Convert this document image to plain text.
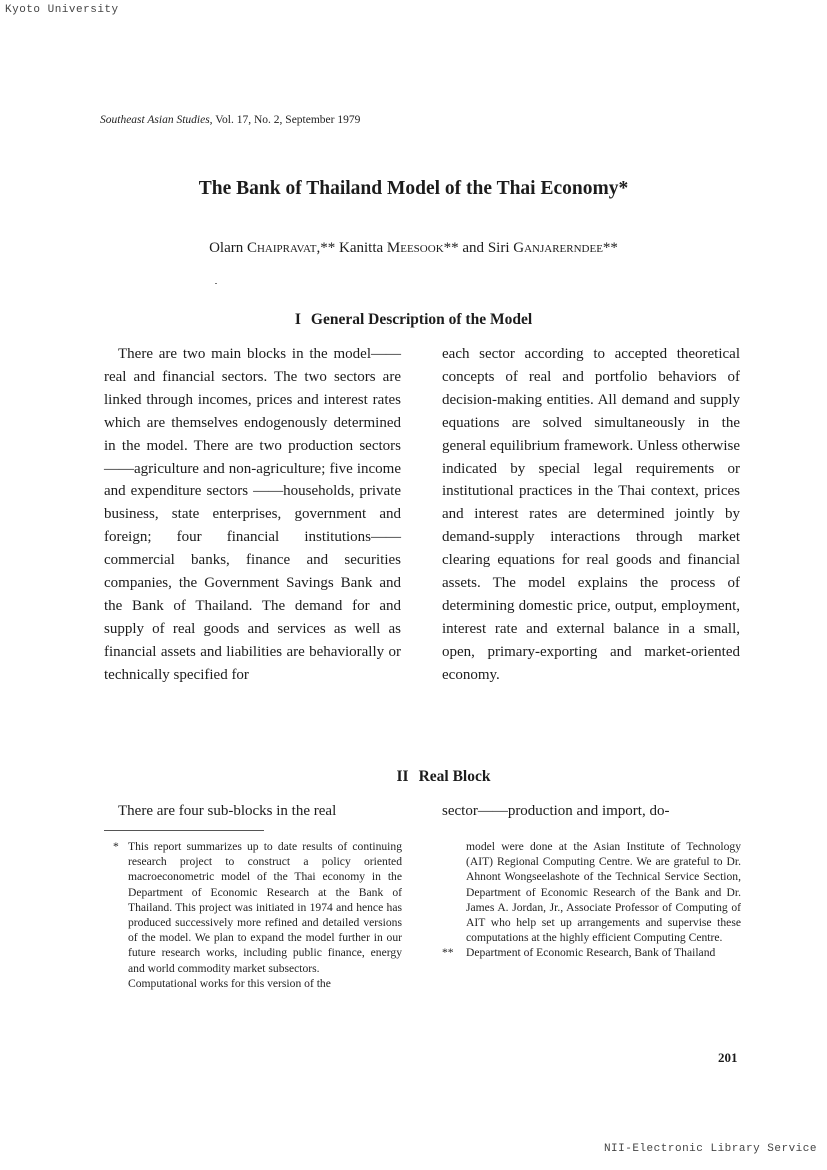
Kyoto University
Southeast Asian Studies, Vol. 17, No. 2, September 1979
The Bank of Thailand Model of the Thai Economy*
Olarn Chaipravat,** Kanitta Meesook** and Siri Ganjarerndee**
I General Description of the Model

There are two main blocks in the model——real and financial sectors. The two sectors are linked through incomes, prices and interest rates which are themselves endogenously determined in the model. There are two production sectors——agriculture and non-agriculture; five income and expenditure sectors ——households, private business, state enterprises, government and foreign; four financial institutions——commercial banks, finance and securities companies, the Government Savings Bank and the Bank of Thailand. The demand for and supply of real goods and services as well as financial assets and liabilities are behaviorally or technically specified for

each sector according to accepted theoretical concepts of real and portfolio behaviors of decision-making entities. All demand and supply equations are solved simultaneously in the general equilibrium framework. Unless otherwise indicated by special legal requirements or institutional practices in the Thai context, prices and interest rates are determined jointly by demand-supply interactions through market clearing equations for real goods and financial assets. The model explains the process of determining domestic price, output, employment, interest rate and external balance in a small, open, primary-exporting and market-oriented economy.

II Real Block

There are four sub-blocks in the real	sector——production and import, do-

* This report summarizes up to date results of continuing research project to construct a policy oriented macroeconometric model of the Thai economy in the Department of Economic Research at the Bank of Thailand. This project was initiated in 1974 and hence has produced successively more refined and detailed versions of the model. We plan to expand the model further in our future research works, including public finance, energy and world commodity market subsectors.

Computational works for this version of the

model were done at the Asian Institute of Technology (AIT) Regional Computing Centre. We are grateful to Dr. Ahnont Wongseelashote of the Technical Service Section, Department of Economic Research of the Bank and Dr. James A. Jordan, Jr., Associate Professor of Computing of AIT who help set up arrangements and supervise these computations at the highly efficient Computing Centre.

** Department of Economic Research, Bank of Thailand

201
NII-Electronic Library Service
